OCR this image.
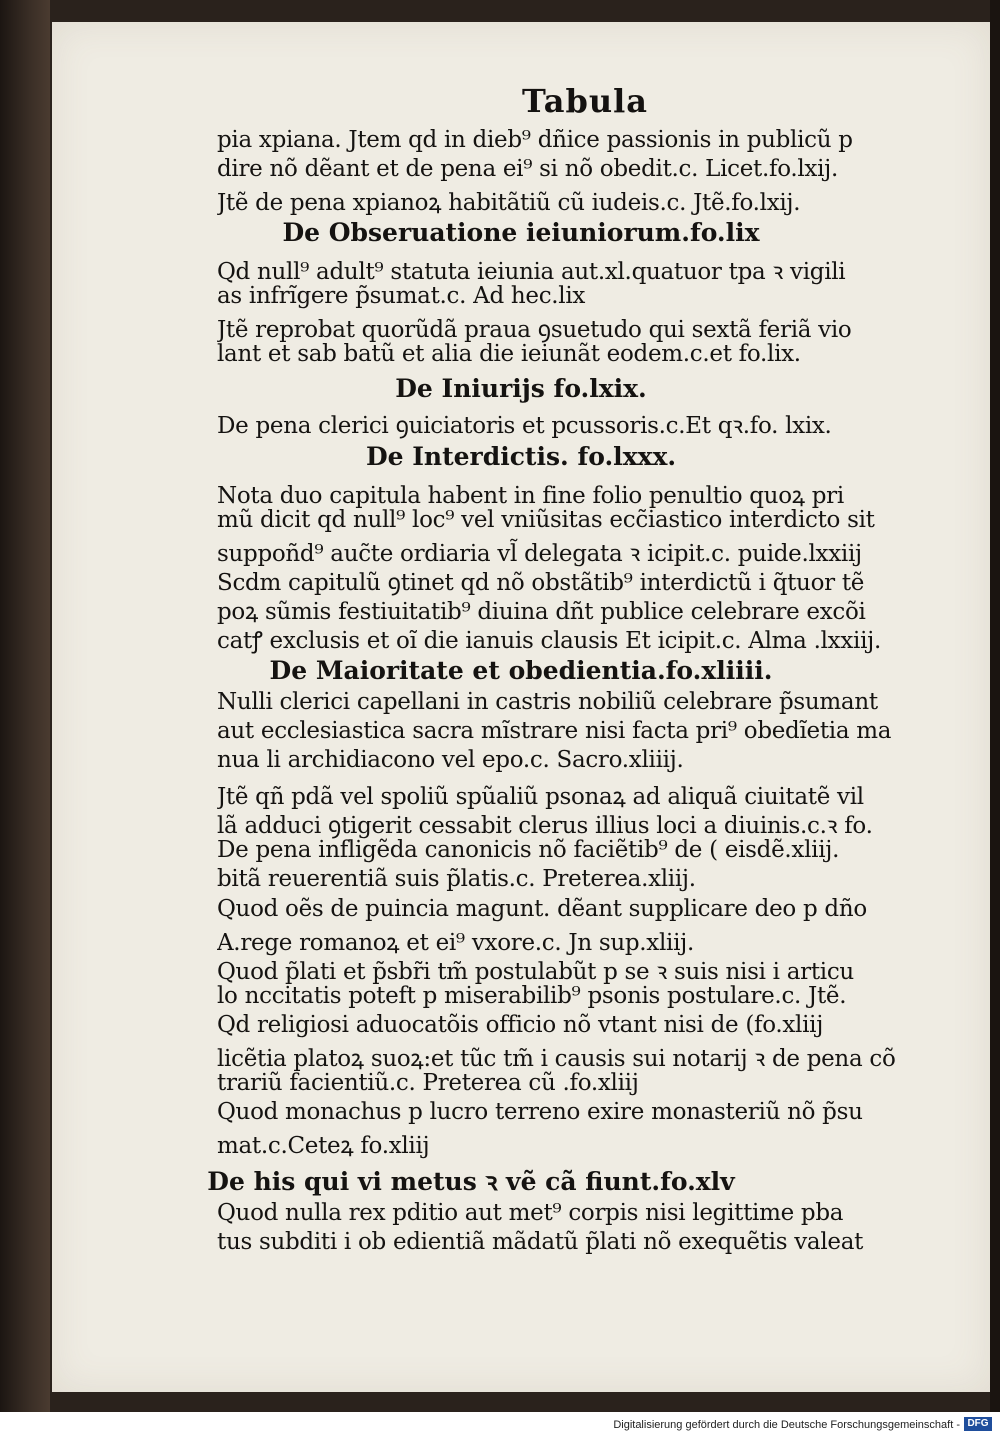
Tabula
pia xpiana. Jtem qd in dieb⁹ dñice passionis in publicũ p
dire nõ dẽant et de pena ei⁹ si nõ obedit.c. Licet.fo.lxij.
Jtẽ de pena xpianoꝝ habitãtiũ cũ iudeis.c. Jtẽ.fo.lxij.
De Obseruatione ieiuniorum.fo.lix
Qd null⁹ adult⁹ statuta ieiunia aut.xl.quatuor tpa ꝛ vigili
as infrĩgere p̃sumat.c. Ad hec.lix
Jtẽ reprobat quorũdã praua ꝯsuetudo qui sextã feriã vio
lant et sab batũ et alia die ieiunãt eodem.c.et fo.lix.
De Iniurijs fo.lxix.
De pena clerici ꝯuiciatoris et pcussoris.c.Et qꝛ.fo. lxix.
De Interdictis. fo.lxxx.
Nota duo capitula habent in fine folio penultio quoꝝ pri
mũ dicit qd null⁹ loc⁹ vel vniũsitas ecc̃iastico interdicto sit
suppoñd⁹ auc̃te ordiaria vl̃ delegata ꝛ icipit.c. puide.lxxiij
Scdm capitulũ ꝯtinet qd nõ obstãtib⁹ interdictũ i q̃tuor tẽ
poꝝ sũmis festiuitatib⁹ diuina dñt publice celebrare excõi
catꝭ exclusis et oĩ die ianuis clausis Et icipit.c. Alma .lxxiij.
De Maioritate et obedientia.fo.xliiii.
Nulli clerici capellani in castris nobiliũ celebrare p̃sumant
aut ecclesiastica sacra mĩstrare nisi facta pri⁹ obedĩetia ma
nua li archidiacono vel epo.c. Sacro.xliiij.
Jtẽ qñ pdã vel spoliũ spũaliũ psonaꝝ ad aliquã ciuitatẽ vil
lã adduci ꝯtigerit cessabit clerus illius loci a diuinis.c.ꝛ fo.
De pena infligẽda canonicis nõ faciẽtib⁹ de ( eisdẽ.xliij.
bitã reuerentiã suis p̃latis.c. Preterea.xliij.
Quod oẽs de puincia magunt. dẽant supplicare deo p dño
A.rege romanoꝝ et ei⁹ vxore.c. Jn sup.xliij.
Quod p̃lati et p̃sbr̃i tm̃ postulabũt p se ꝛ suis nisi i articu
lo nccitatis poteft p miserabilib⁹ psonis postulare.c. Jtẽ.
Qd religiosi aduocatõis officio nõ vtant nisi de (fo.xliij
licẽtia platoꝝ suoꝝ:et tũc tm̃ i causis sui notarij ꝛ de pena cõ
trariũ facientiũ.c. Preterea cũ .fo.xliij
Quod monachus p lucro terreno exire monasteriũ nõ p̃su
mat.c.Cetеꝝ fo.xliij
De his qui vi metus ꝛ vẽ cã fiunt.fo.xlv
Quod nulla rex pditio aut met⁹ corpis nisi legittime pba
tus subditi i ob edientiã mãdatũ p̃lati nõ exequẽtis valeat
Digitalisierung gefördert durch die Deutsche Forschungsgemeinschaft - DFG
